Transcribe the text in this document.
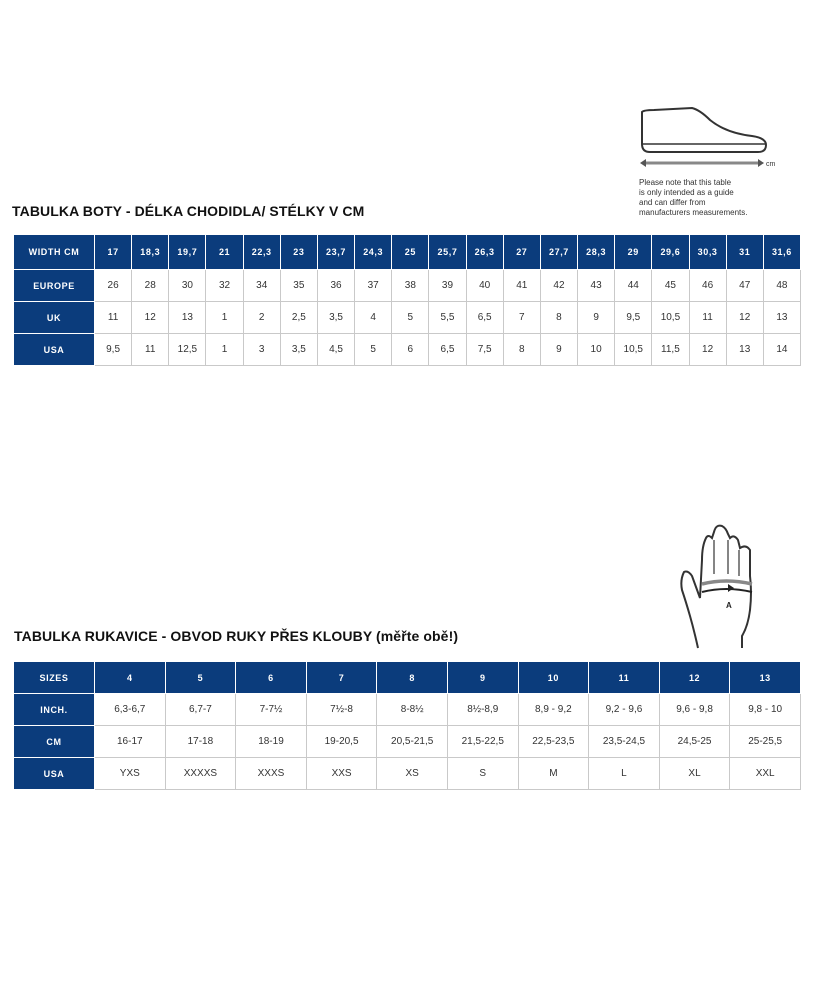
cm
Please note that this table
is only intended as a guide
and can differ from
manufacturers measurements.
TABULKA BOTY - DÉLKA CHODIDLA/ STÉLKY V CM
WIDTH CM	17	18,3	19,7	21	22,3	23	23,7	24,3	25	25,7	26,3	27	27,7	28,3	29	29,6	30,3	31	31,6
EUROPE	26	28	30	32	34	35	36	37	38	39	40	41	42	43	44	45	46	47	48
UK	11	12	13	1	2	2,5	3,5	4	5	5,5	6,5	7	8	9	9,5	10,5	11	12	13
USA	9,5	11	12,5	1	3	3,5	4,5	5	6	6,5	7,5	8	9	10	10,5	11,5	12	13	14
A
TABULKA RUKAVICE - OBVOD RUKY PŘES KLOUBY (měřte obě!)
SIZES	4	5	6	7	8	9	10	11	12	13
INCH.	6,3-6,7	6,7-7	7-7½	7½-8	8-8½	8½-8,9	8,9 - 9,2	9,2 - 9,6	9,6 - 9,8	9,8 - 10
CM	16-17	17-18	18-19	19-20,5	20,5-21,5	21,5-22,5	22,5-23,5	23,5-24,5	24,5-25	25-25,5
USA	YXS	XXXXS	XXXS	XXS	XS	S	M	L	XL	XXL
